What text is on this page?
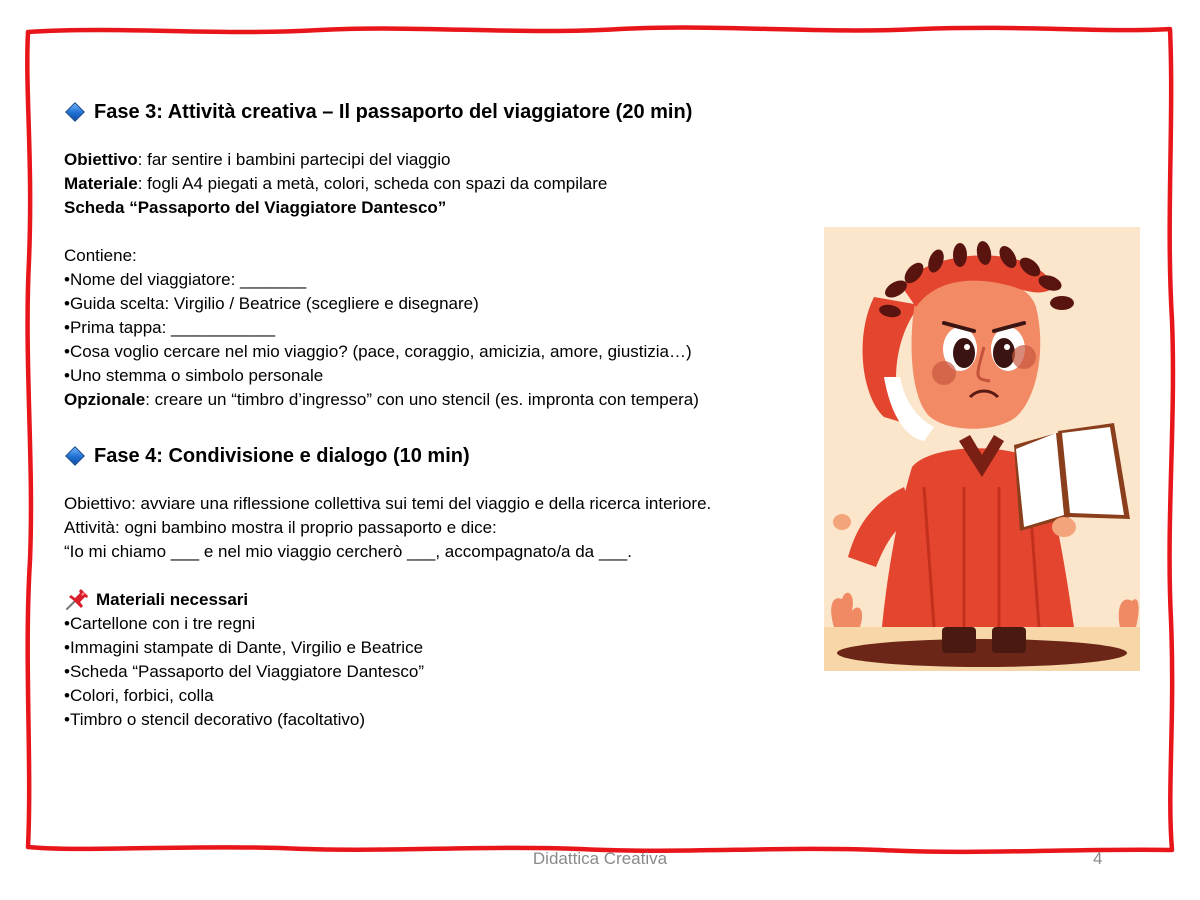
Fase 3: Attività creativa – Il passaporto del viaggiatore (20 min)
Obiettivo: far sentire i bambini partecipi del viaggio
Materiale: fogli A4 piegati a metà, colori, scheda con spazi da compilare
Scheda “Passaporto del Viaggiatore Dantesco”
Contiene:
•Nome del viaggiatore: _______
•Guida scelta: Virgilio / Beatrice (scegliere e disegnare)
•Prima tappa: ___________
•Cosa voglio cercare nel mio viaggio? (pace, coraggio, amicizia, amore, giustizia…)
•Uno stemma o simbolo personale
Opzionale: creare un “timbro d’ingresso” con uno stencil (es. impronta con tempera)
Fase 4: Condivisione e dialogo (10 min)
Obiettivo: avviare una riflessione collettiva sui temi del viaggio e della ricerca interiore.
Attività: ogni bambino mostra il proprio passaporto e dice:
“Io mi chiamo ___ e nel mio viaggio cercherò ___, accompagnato/a da ___.
Materiali necessari
•Cartellone con i tre regni
•Immagini stampate di Dante, Virgilio e Beatrice
•Scheda “Passaporto del Viaggiatore Dantesco”
•Colori, forbici, colla
•Timbro o stencil decorativo (facoltativo)
Didattica Creativa	4
